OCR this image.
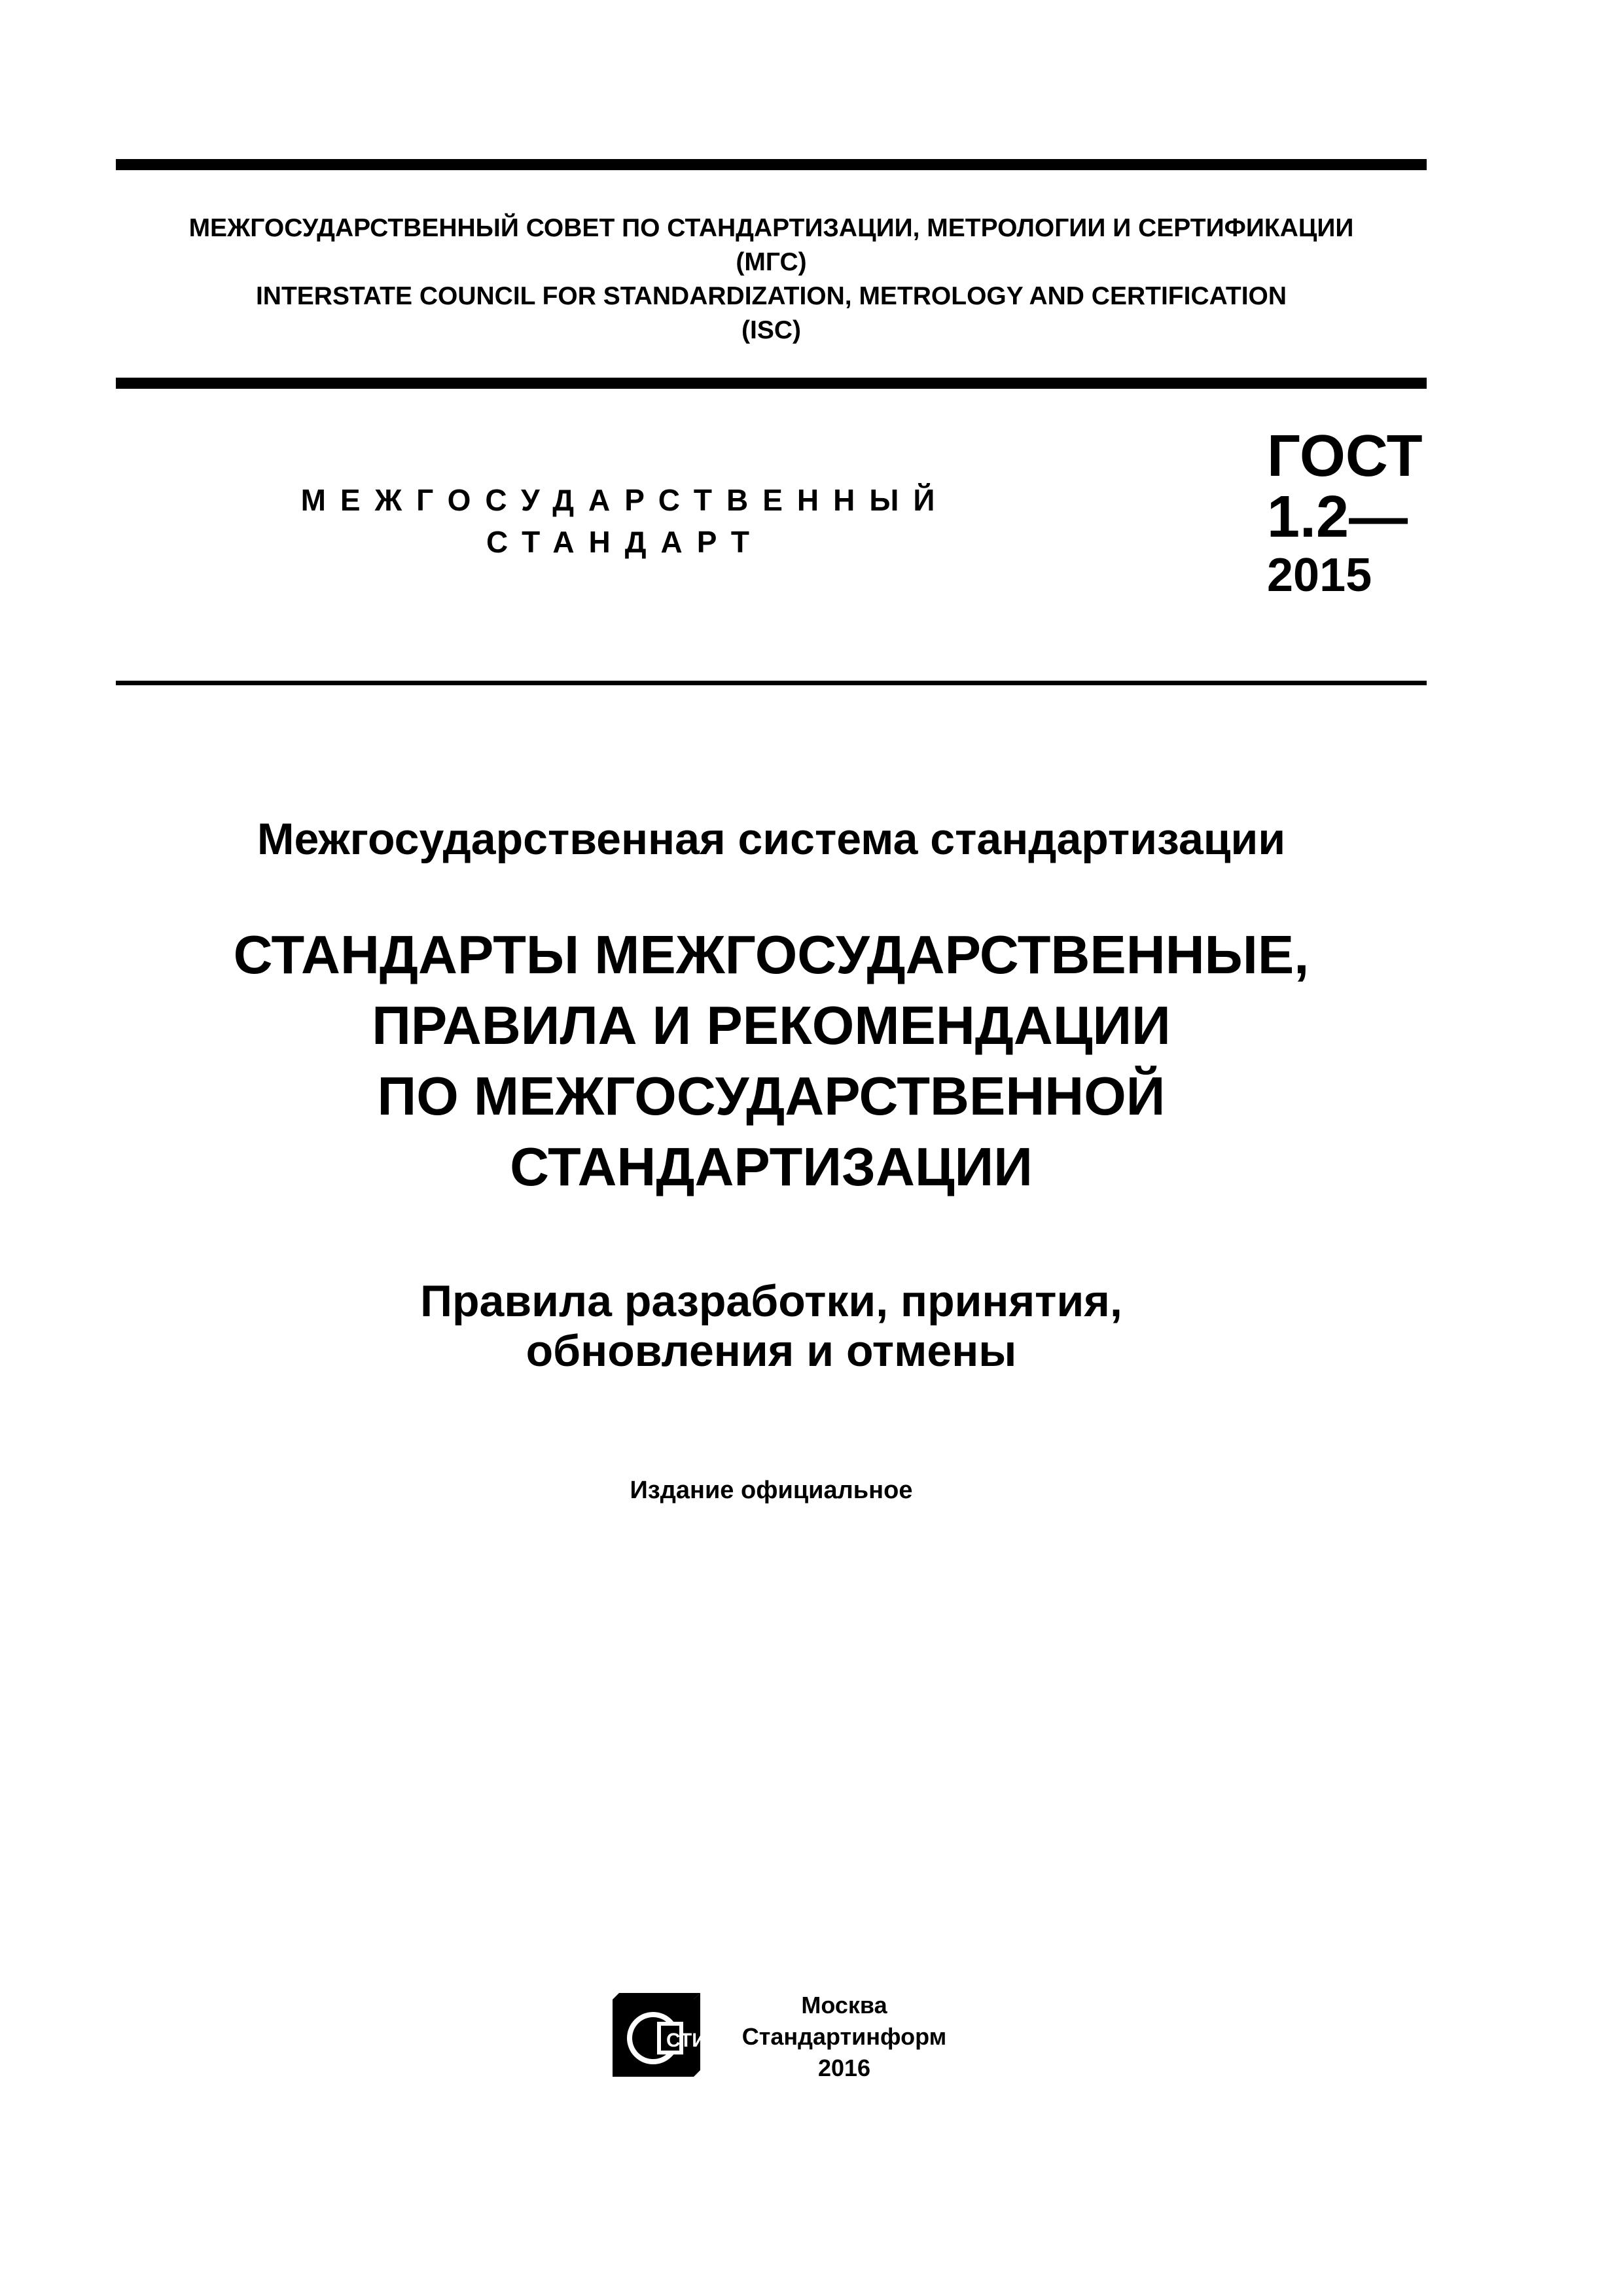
МЕЖГОСУДАРСТВЕННЫЙ СОВЕТ ПО СТАНДАРТИЗАЦИИ, МЕТРОЛОГИИ И СЕРТИФИКАЦИИ
(МГС)
INTERSTATE COUNCIL FOR STANDARDIZATION, METROLOGY AND CERTIFICATION
(ISC)
МЕЖГОСУДАРСТВЕННЫЙ
СТАНДАРТ
ГОСТ
1.2—
2015
Межгосударственная система стандартизации
СТАНДАРТЫ МЕЖГОСУДАРСТВЕННЫЕ,
ПРАВИЛА И РЕКОМЕНДАЦИИ
ПО МЕЖГОСУДАРСТВЕННОЙ
СТАНДАРТИЗАЦИИ
Правила разработки, принятия,
обновления и отмены
Издание официальное
СТИ
Москва
Стандартинформ
2016
